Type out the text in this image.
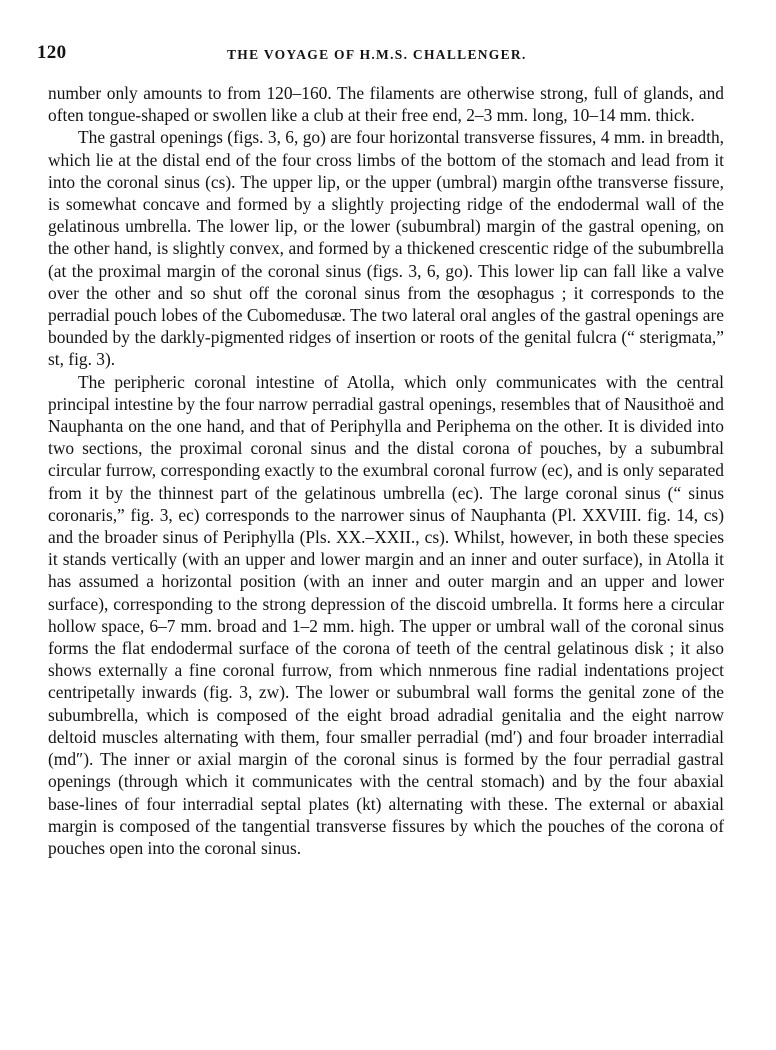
120	THE VOYAGE OF H.M.S. CHALLENGER.

number only amounts to from 120–160. The filaments are otherwise strong, full of glands, and often tongue-shaped or swollen like a club at their free end, 2–3 mm. long, 10–14 mm. thick.

The gastral openings (figs. 3, 6, go) are four horizontal transverse fissures, 4 mm. in breadth, which lie at the distal end of the four cross limbs of the bottom of the stomach and lead from it into the coronal sinus (cs). The upper lip, or the upper (umbral) margin ofthe transverse fissure, is somewhat concave and formed by a slightly projecting ridge of the endodermal wall of the gelatinous umbrella. The lower lip, or the lower (subumbral) margin of the gastral opening, on the other hand, is slightly convex, and formed by a thickened crescentic ridge of the subumbrella (at the proximal margin of the coronal sinus (figs. 3, 6, go). This lower lip can fall like a valve over the other and so shut off the coronal sinus from the œsophagus ; it corresponds to the perradial pouch lobes of the Cubomedusæ. The two lateral oral angles of the gastral openings are bounded by the darkly-pigmented ridges of insertion or roots of the genital fulcra (“ sterigmata,” st, fig. 3).

The peripheric coronal intestine of Atolla, which only communicates with the central principal intestine by the four narrow perradial gastral openings, resembles that of Nausithoë and Nauphanta on the one hand, and that of Periphylla and Periphema on the other. It is divided into two sections, the proximal coronal sinus and the distal corona of pouches, by a subumbral circular furrow, corresponding exactly to the exumbral coronal furrow (ec), and is only separated from it by the thinnest part of the gelatinous umbrella (ec). The large coronal sinus (“ sinus coronaris,” fig. 3, ec) corresponds to the narrower sinus of Nauphanta (Pl. XXVIII. fig. 14, cs) and the broader sinus of Periphylla (Pls. XX.–XXII., cs). Whilst, however, in both these species it stands vertically (with an upper and lower margin and an inner and outer surface), in Atolla it has assumed a horizontal position (with an inner and outer margin and an upper and lower surface), corresponding to the strong depression of the discoid umbrella. It forms here a circular hollow space, 6–7 mm. broad and 1–2 mm. high. The upper or umbral wall of the coronal sinus forms the flat endodermal surface of the corona of teeth of the central gelatinous disk ; it also shows externally a fine coronal furrow, from which nnmerous fine radial indentations project centripetally inwards (fig. 3, zw). The lower or subumbral wall forms the genital zone of the subumbrella, which is composed of the eight broad adradial genitalia and the eight narrow deltoid muscles alternating with them, four smaller perradial (md′) and four broader interradial (md″). The inner or axial margin of the coronal sinus is formed by the four perradial gastral openings (through which it communicates with the central stomach) and by the four abaxial base-lines of four interradial septal plates (kt) alternating with these. The external or abaxial margin is composed of the tangential transverse fissures by which the pouches of the corona of pouches open into the coronal sinus.
